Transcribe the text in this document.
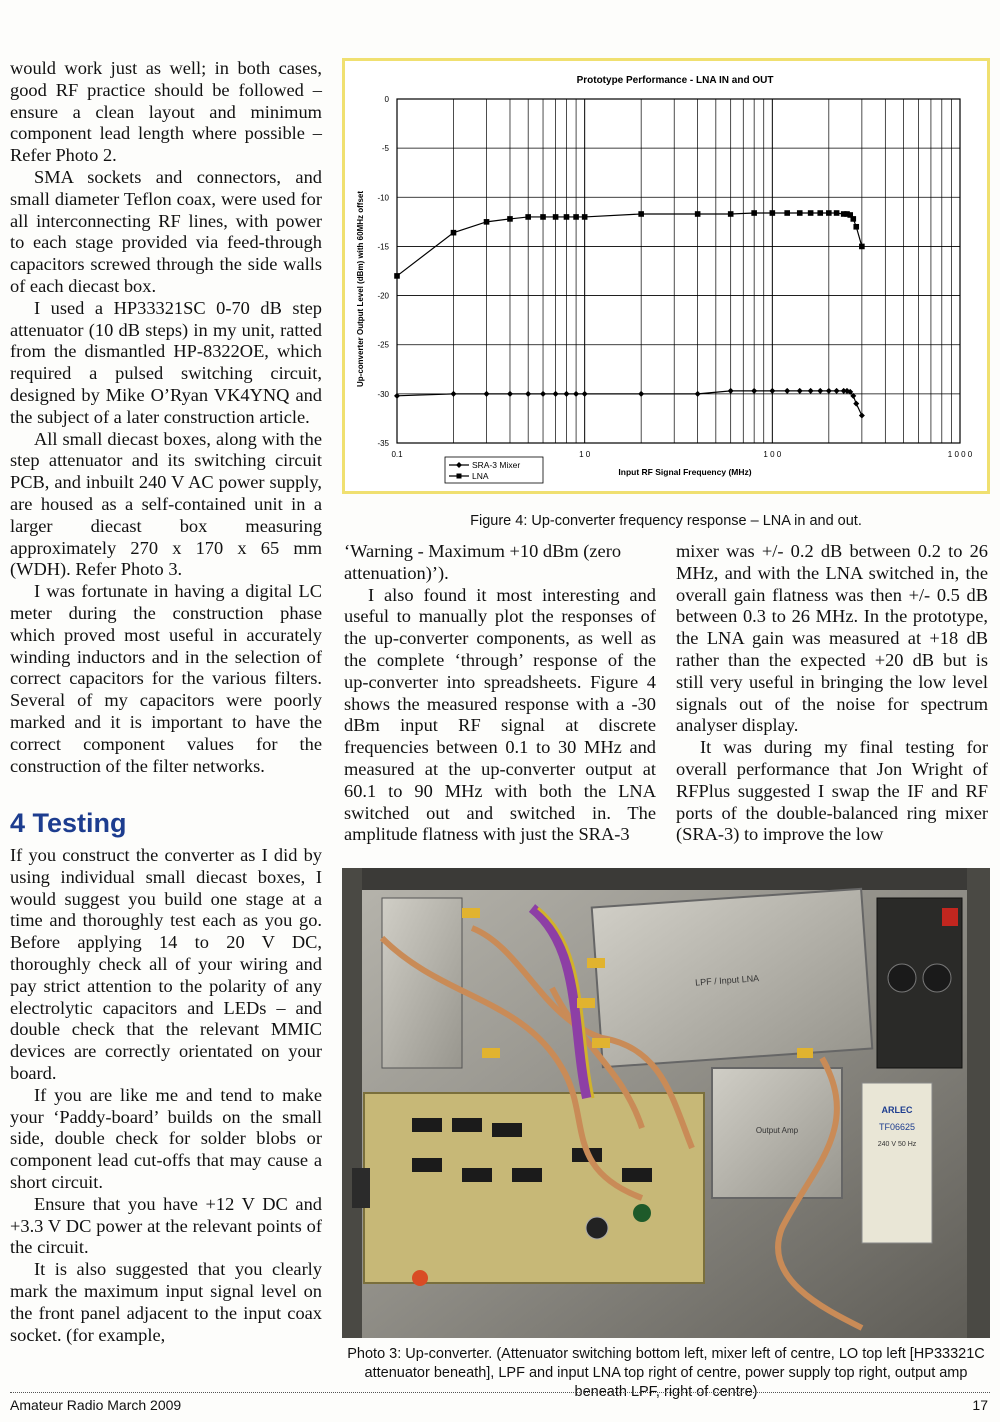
would work just as well; in both cases, good RF practice should be followed – ensure a clean layout and minimum component lead length where possible – Refer Photo 2.

SMA sockets and connectors, and small diameter Teflon coax, were used for all interconnecting RF lines, with power to each stage provided via feed-through capacitors screwed through the side walls of each diecast box.

I used a HP33321SC 0-70 dB step attenuator (10 dB steps) in my unit, ratted from the dismantled HP-8322OE, which required a pulsed switching circuit, designed by Mike O’Ryan VK4YNQ and the subject of a later construction article.

All small diecast boxes, along with the step attenuator and its switching circuit PCB, and inbuilt 240 V AC power supply, are housed as a self-contained unit in a larger diecast box measuring approximately 270 x 170 x 65 mm (WDH). Refer Photo 3.

I was fortunate in having a digital LC meter during the construction phase which proved most useful in accurately winding inductors and in the selection of correct capacitors for the various filters. Several of my capacitors were poorly marked and it is important to have the correct component values for the construction of the filter networks.

4 Testing

If you construct the converter as I did by using individual small diecast boxes, I would suggest you build one stage at a time and thoroughly test each as you go. Before applying 14 to 20 V DC, thoroughly check all of your wiring and pay strict attention to the polarity of any electrolytic capacitors and LEDs – and double check that the relevant MMIC devices are correctly orientated on your board.

If you are like me and tend to make your ‘Paddy-board’ builds on the small side, double check for solder blobs or component lead cut-offs that may cause a short circuit.

Ensure that you have +12 V DC and +3.3 V DC power at the relevant points of the circuit.

It is also suggested that you clearly mark the maximum input signal level on the front panel adjacent to the input coax socket. (for example,

0
-5
-10
-15
-20
-25
-30
-35
0.1	1 0	1 0 0	1 0 0 0
Prototype Performance - LNA IN and OUT
Input RF Signal Frequency (MHz)
Up-converter Output Level (dBm) with 60MHz offset
SRA-3 Mixer
LNA
Figure 4: Up-converter frequency response – LNA in and out.

‘Warning - Maximum +10 dBm (zero attenuation)’).

I also found it most interesting and useful to manually plot the responses of the up-converter components, as well as the complete ‘through’ response of the up-converter into spreadsheets. Figure 4 shows the measured response with a -30 dBm input RF signal at discrete frequencies between 0.1 to 30 MHz and measured at the up-converter output at 60.1 to 90 MHz with both the LNA switched out and switched in. The amplitude flatness with just the SRA-3

mixer was +/- 0.2 dB between 0.2 to 26 MHz, and with the LNA switched in, the overall gain flatness was then +/- 0.5 dB between 0.3 to 26 MHz. In the prototype, the LNA gain was measured at +18 dB rather than the expected +20 dB but is still very useful in bringing the low level signals out of the noise for spectrum analyser display.

It was during my final testing for overall performance that Jon Wright of RFPlus suggested I swap the IF and RF ports of the double-balanced ring mixer (SRA-3) to improve the low

LPF / Input LNA
Output Amp
ARLEC
TF06625
240 V 50 Hz
Photo 3: Up-converter. (Attenuator switching bottom left, mixer left of centre, LO top left [HP33321C attenuator beneath], LPF and input LNA top right of centre, power supply top right, output amp beneath LPF, right of centre)
Amateur Radio March 2009	17
